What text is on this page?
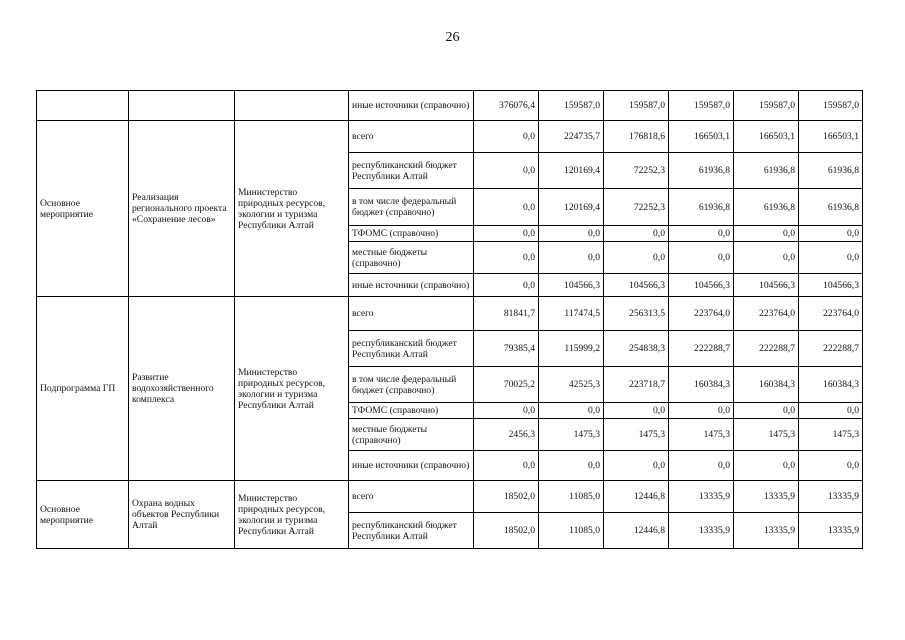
26
			иные источники (справочно)	376076,4	159587,0	159587,0	159587,0	159587,0	159587,0
Основное мероприятие	Реализация регионального проекта «Сохранение лесов»	Министерство природных ресурсов, экологии и туризма Республики Алтай	всего	0,0	224735,7	176818,6	166503,1	166503,1	166503,1
			республиканский бюджет Республики Алтай	0,0	120169,4	72252,3	61936,8	61936,8	61936,8
			в том числе федеральный бюджет (справочно)	0,0	120169,4	72252,3	61936,8	61936,8	61936,8
			ТФОМС (справочно)	0,0	0,0	0,0	0,0	0,0	0,0
			местные бюджеты (справочно)	0,0	0,0	0,0	0,0	0,0	0,0
			иные источники (справочно)	0,0	104566,3	104566,3	104566,3	104566,3	104566,3
Подпрограмма ГП	Развитие водохозяйственного комплекса	Министерство природных ресурсов, экологии и туризма Республики Алтай	всего	81841,7	117474,5	256313,5	223764,0	223764,0	223764,0
			республиканский бюджет Республики Алтай	79385,4	115999,2	254838,3	222288,7	222288,7	222288,7
			в том числе федеральный бюджет (справочно)	70025,2	42525,3	223718,7	160384,3	160384,3	160384,3
			ТФОМС (справочно)	0,0	0,0	0,0	0,0	0,0	0,0
			местные бюджеты (справочно)	2456,3	1475,3	1475,3	1475,3	1475,3	1475,3
			иные источники (справочно)	0,0	0,0	0,0	0,0	0,0	0,0
Основное мероприятие	Охрана водных объектов Республики Алтай	Министерство природных ресурсов, экологии и туризма Республики Алтай	всего	18502,0	11085,0	12446,8	13335,9	13335,9	13335,9
			республиканский бюджет Республики Алтай	18502,0	11085,0	12446,8	13335,9	13335,9	13335,9
